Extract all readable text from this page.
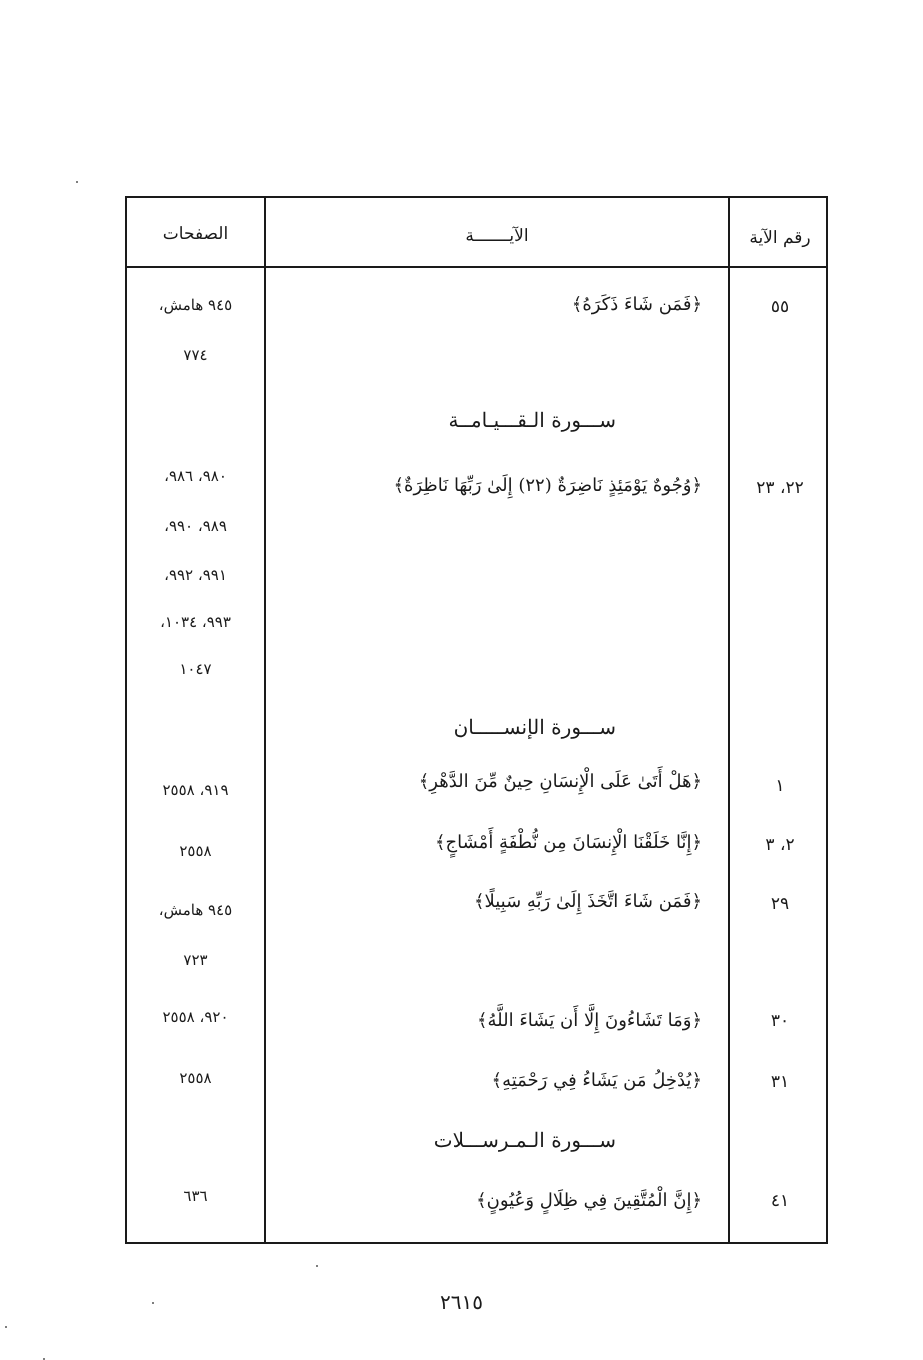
رقم الآية
الآيـــــــة
الصفحات
٥٥
﴿فَمَن شَاءَ ذَكَرَهُ﴾
٩٤٥ هامش،
٧٧٤
ســـورة الـقـــيـامــة
٢٢، ٢٣
﴿وُجُوهٌ يَوْمَئِذٍ نَاضِرَةٌ (٢٢) إِلَىٰ رَبِّهَا نَاظِرَةٌ﴾
٩٨٠، ٩٨٦،
٩٨٩، ٩٩٠،
٩٩١، ٩٩٢،
٩٩٣، ١٠٣٤،
١٠٤٧
ســـورة الإنســـــان
١
﴿هَلْ أَتَىٰ عَلَى الْإِنسَانِ حِينٌ مِّنَ الدَّهْرِ﴾
٩١٩، ٢٥٥٨
٢، ٣
﴿إِنَّا خَلَقْنَا الْإِنسَانَ مِن نُّطْفَةٍ أَمْشَاجٍ﴾
٢٥٥٨
٢٩
﴿فَمَن شَاءَ اتَّخَذَ إِلَىٰ رَبِّهِ سَبِيلًا﴾
٩٤٥ هامش،
٧٢٣
٣٠
﴿وَمَا تَشَاءُونَ إِلَّا أَن يَشَاءَ اللَّهُ﴾
٩٢٠، ٢٥٥٨
٣١
﴿يُدْخِلُ مَن يَشَاءُ فِي رَحْمَتِهِ﴾
٢٥٥٨
ســـورة الـمـرســـلات
٤١
﴿إِنَّ الْمُتَّقِينَ فِي ظِلَالٍ وَعُيُونٍ﴾
٦٣٦
٢٦١٥
